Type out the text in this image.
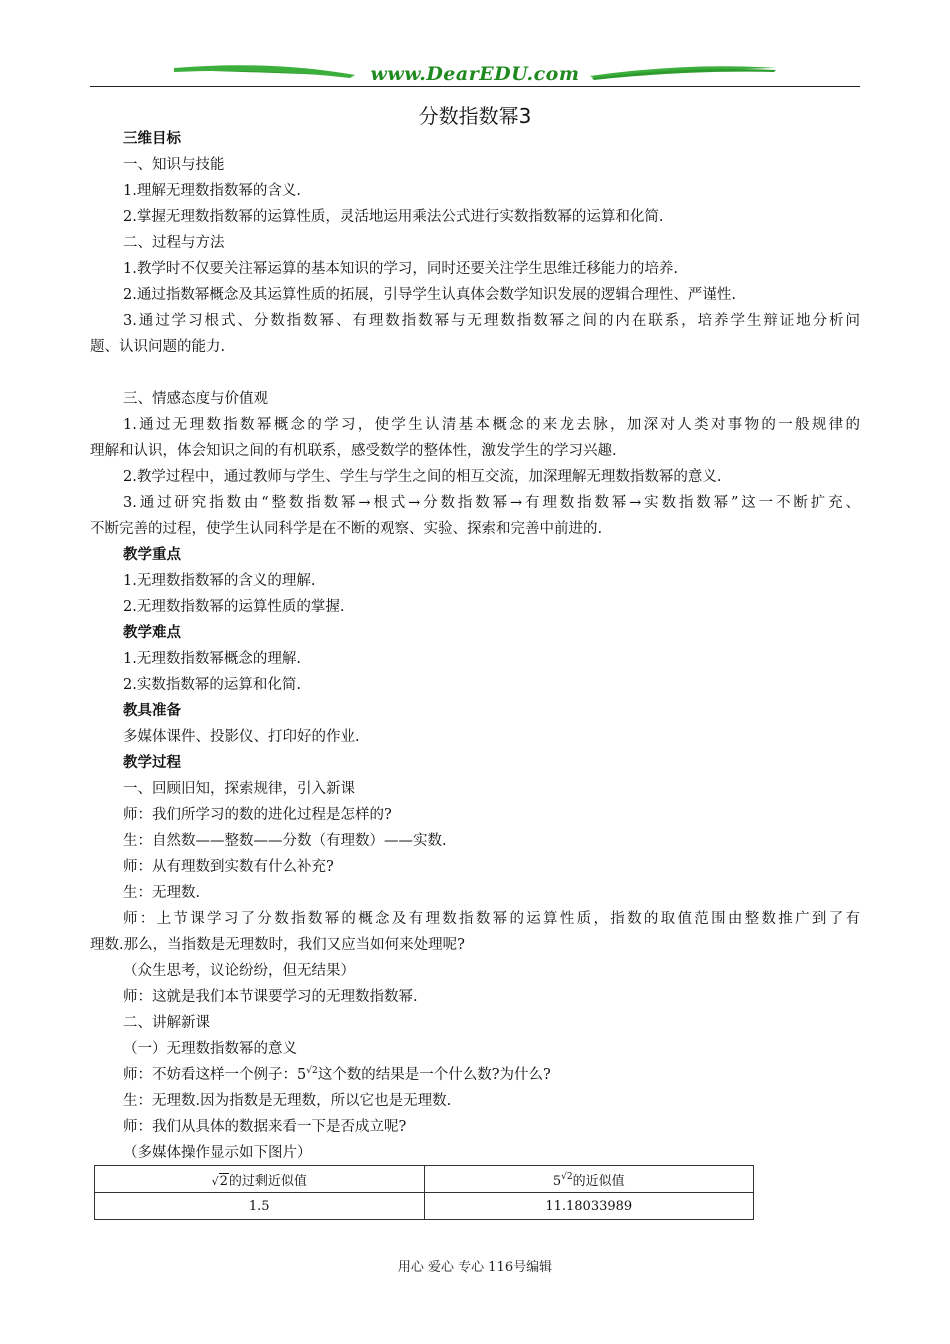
www.DearEDU.com
分数指数幂3
三维目标
一、知识与技能
1.理解无理数指数幂的含义.
2.掌握无理数指数幂的运算性质，灵活地运用乘法公式进行实数指数幂的运算和化简.
二、过程与方法
1.教学时不仅要关注幂运算的基本知识的学习，同时还要关注学生思维迁移能力的培养.
2.通过指数幂概念及其运算性质的拓展，引导学生认真体会数学知识发展的逻辑合理性、严谨性.
3.通过学习根式、分数指数幂、有理数指数幂与无理数指数幂之间的内在联系，培养学生辩证地分析问
题、认识问题的能力.
三、情感态度与价值观
1.通过无理数指数幂概念的学习，使学生认清基本概念的来龙去脉，加深对人类对事物的一般规律的
理解和认识，体会知识之间的有机联系，感受数学的整体性，激发学生的学习兴趣.
2.教学过程中，通过教师与学生、学生与学生之间的相互交流，加深理解无理数指数幂的意义.
3.通过研究指数由“整数指数幂→根式→分数指数幂→有理数指数幂→实数指数幂”这一不断扩充、
不断完善的过程，使学生认同科学是在不断的观察、实验、探索和完善中前进的.
教学重点
1.无理数指数幂的含义的理解.
2.无理数指数幂的运算性质的掌握.
教学难点
1.无理数指数幂概念的理解.
2.实数指数幂的运算和化简.
教具准备
多媒体课件、投影仪、打印好的作业.
教学过程
一、回顾旧知，探索规律，引入新课
师：我们所学习的数的进化过程是怎样的?
生：自然数——整数——分数（有理数）——实数.
师：从有理数到实数有什么补充?
生：无理数.
师：上节课学习了分数指数幂的概念及有理数指数幂的运算性质，指数的取值范围由整数推广到了有
理数.那么，当指数是无理数时，我们又应当如何来处理呢?
（众生思考，议论纷纷，但无结果）
师：这就是我们本节课要学习的无理数指数幂.
二、讲解新课
（一）无理数指数幂的意义
师：不妨看这样一个例子：$5^{√2}$这个数的结果是一个什么数?为什么?
生：无理数.因为指数是无理数，所以它也是无理数.
师：我们从具体的数据来看一下是否成立呢?
（多媒体操作显示如下图片）
√2的过剩近似值	$5^{√2}$的近似值
1.5	11.18033989
用心 爱心 专心 116号编辑
